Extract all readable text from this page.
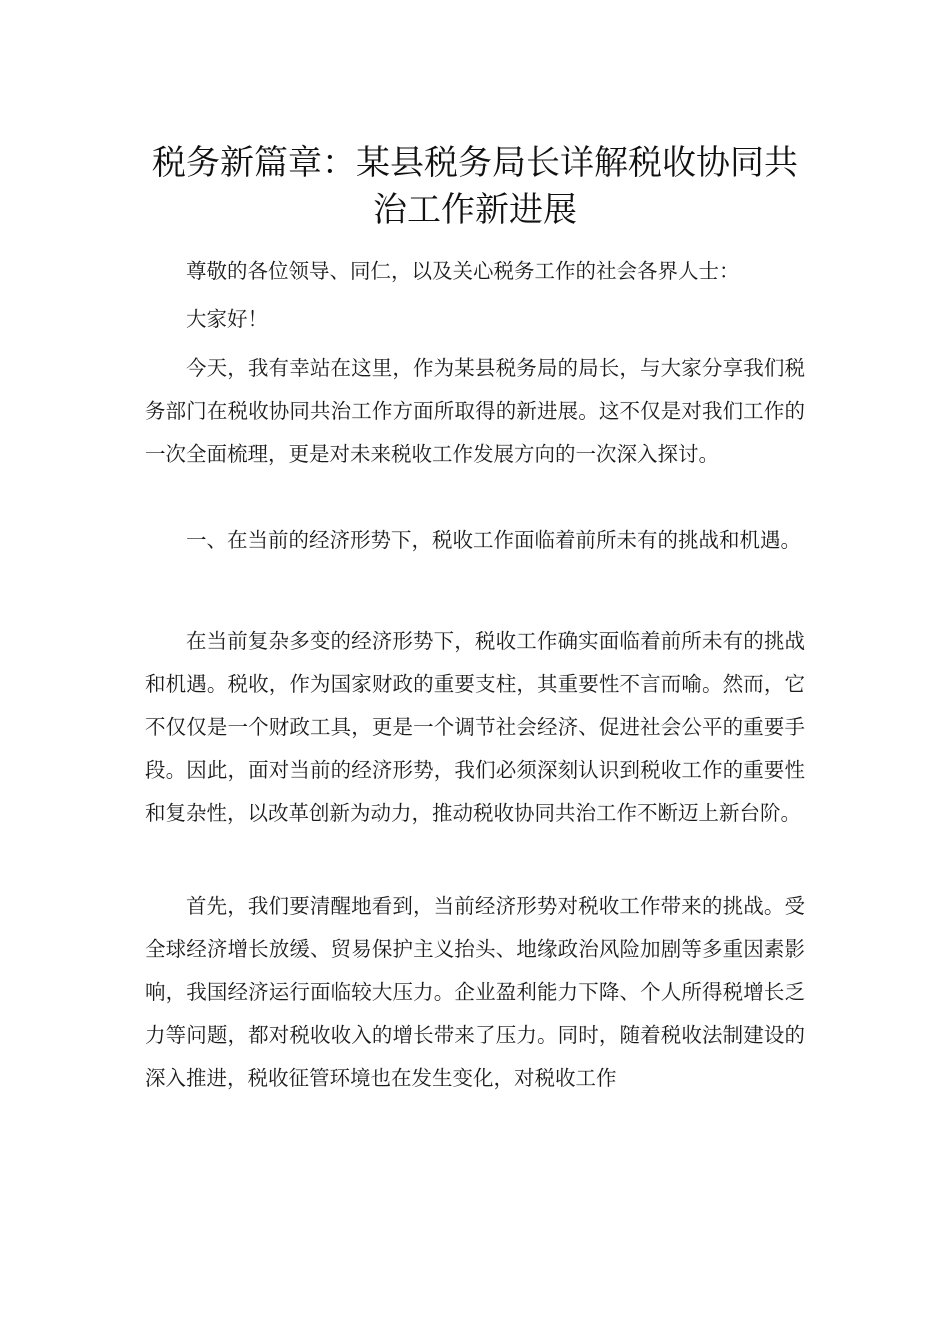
税务新篇章：某县税务局长详解税收协同共治工作新进展

尊敬的各位领导、同仁，以及关心税务工作的社会各界人士：

大家好！

今天，我有幸站在这里，作为某县税务局的局长，与大家分享我们税务部门在税收协同共治工作方面所取得的新进展。这不仅是对我们工作的一次全面梳理，更是对未来税收工作发展方向的一次深入探讨。

一、在当前的经济形势下，税收工作面临着前所未有的挑战和机遇。

在当前复杂多变的经济形势下，税收工作确实面临着前所未有的挑战和机遇。税收，作为国家财政的重要支柱，其重要性不言而喻。然而，它不仅仅是一个财政工具，更是一个调节社会经济、促进社会公平的重要手段。因此，面对当前的经济形势，我们必须深刻认识到税收工作的重要性和复杂性，以改革创新为动力，推动税收协同共治工作不断迈上新台阶。

首先，我们要清醒地看到，当前经济形势对税收工作带来的挑战。受全球经济增长放缓、贸易保护主义抬头、地缘政治风险加剧等多重因素影响，我国经济运行面临较大压力。企业盈利能力下降、个人所得税增长乏力等问题，都对税收收入的增长带来了压力。同时，随着税收法制建设的深入推进，税收征管环境也在发生变化，对税收工作
